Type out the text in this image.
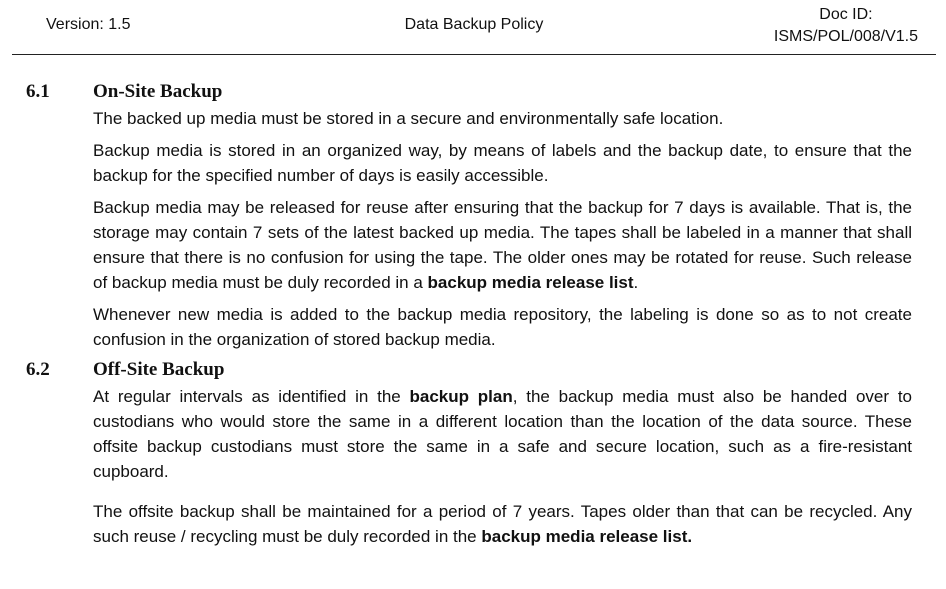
Version: 1.5	Data Backup Policy
Doc ID:
ISMS/POL/008/V1.5
6.1 On-Site Backup

The backed up media must be stored in a secure and environmentally safe location.

Backup media is stored in an organized way, by means of labels and the backup date, to ensure that the backup for the specified number of days is easily accessible.

Backup media may be released for reuse after ensuring that the backup for 7 days is available. That is, the storage may contain 7 sets of the latest backed up media. The tapes shall be labeled in a manner that shall ensure that there is no confusion for using the tape. The older ones may be rotated for reuse. Such release of backup media must be duly recorded in a backup media release list.

Whenever new media is added to the backup media repository, the labeling is done so as to not create confusion in the organization of stored backup media.

6.2 Off-Site Backup

At regular intervals as identified in the backup plan, the backup media must also be handed over to custodians who would store the same in a different location than the location of the data source. These offsite backup custodians must store the same in a safe and secure location, such as a fire-resistant cupboard.

The offsite backup shall be maintained for a period of 7 years. Tapes older than that can be recycled. Any such reuse / recycling must be duly recorded in the backup media release list.
